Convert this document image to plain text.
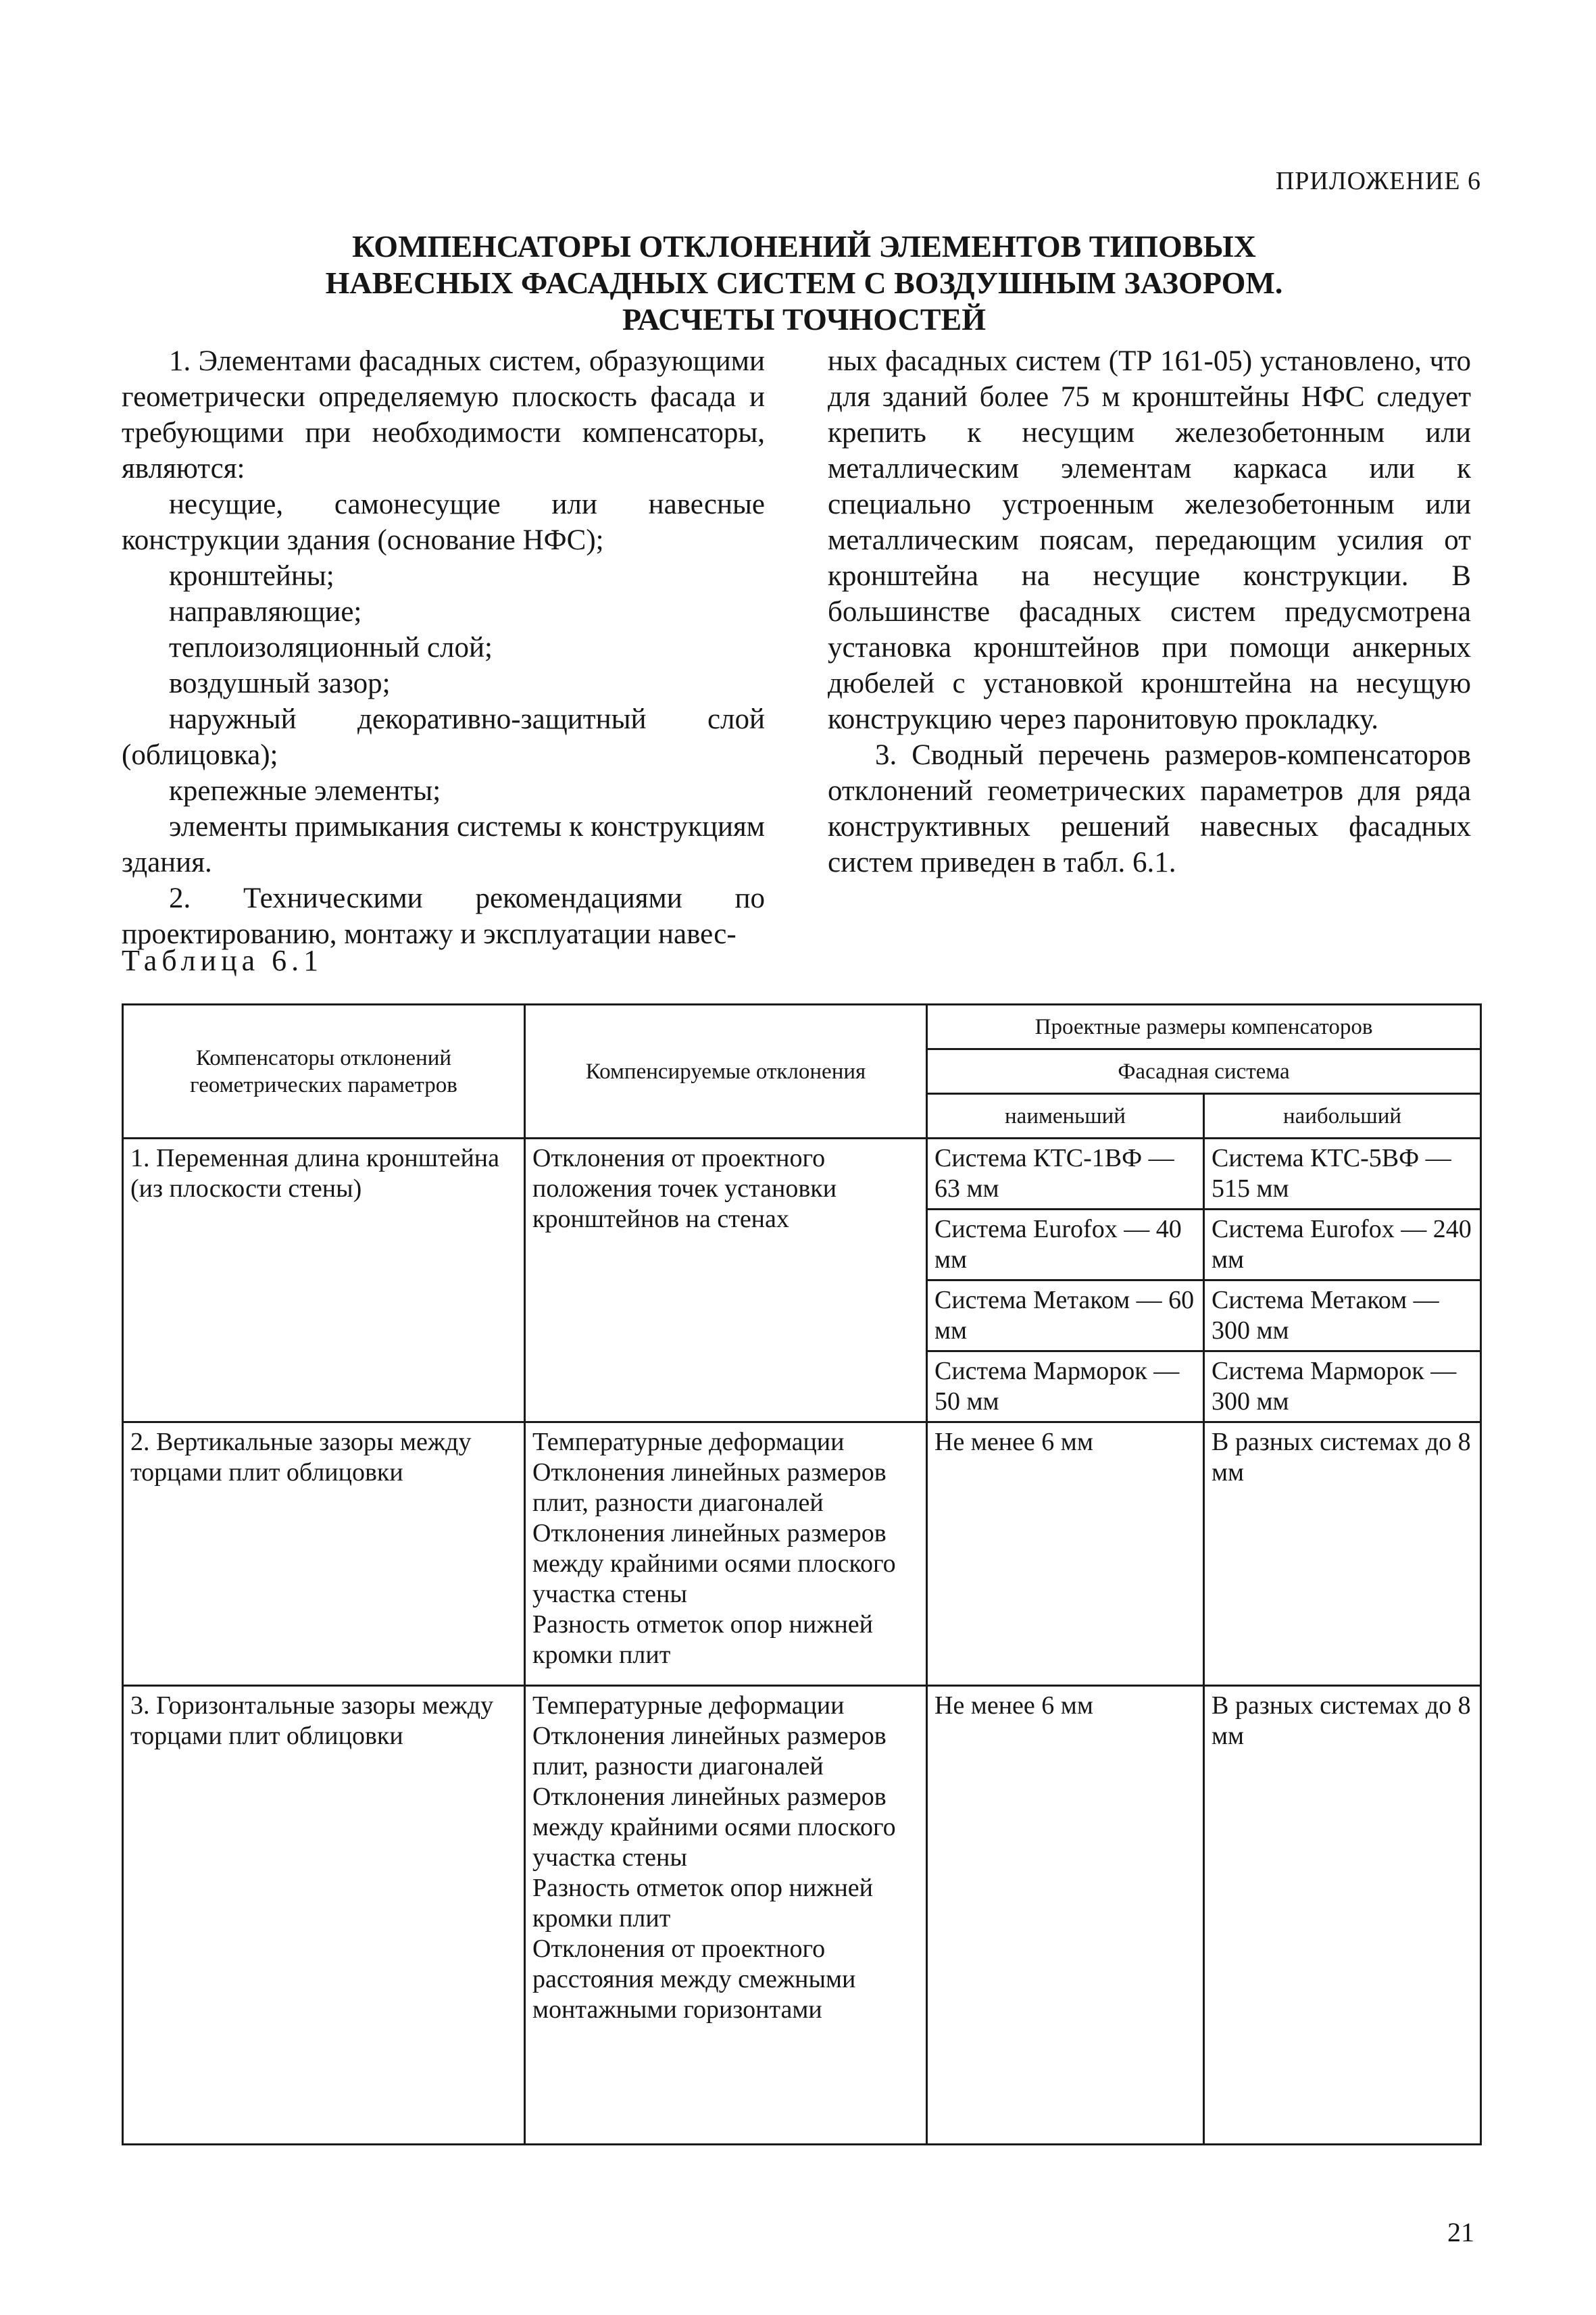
ПРИЛОЖЕНИЕ 6
КОМПЕНСАТОРЫ ОТКЛОНЕНИЙ ЭЛЕМЕНТОВ ТИПОВЫХ
НАВЕСНЫХ ФАСАДНЫХ СИСТЕМ С ВОЗДУШНЫМ ЗАЗОРОМ.
РАСЧЕТЫ ТОЧНОСТЕЙ

1. Элементами фасадных систем, образующими геометрически определяемую плоскость фасада и требующими при необходимости компенсаторы, являются:

несущие, самонесущие или навесные конструкции здания (основание НФС);

кронштейны;

направляющие;

теплоизоляционный слой;

воздушный зазор;

наружный декоративно-защитный слой (облицовка);

крепежные элементы;

элементы примыкания системы к конструкциям здания.

2. Техническими рекомендациями по проектированию, монтажу и эксплуатации навес-

ных фасадных систем (ТР 161-05) установлено, что для зданий более 75 м кронштейны НФС следует крепить к несущим железобетонным или металлическим элементам каркаса или к специально устроенным железобетонным или металлическим поясам, передающим усилия от кронштейна на несущие конструкции. В большинстве фасадных систем предусмотрена установка кронштейнов при помощи анкерных дюбелей с установкой кронштейна на несущую конструкцию через паронитовую прокладку.

3. Сводный перечень размеров-компенсаторов отклонений геометрических параметров для ряда конструктивных решений навесных фасадных систем приведен в табл. 6.1.

Таблица 6.1
Компенсаторы отклонений геометрических параметров	Компенсируемые отклонения	Проектные размеры компенсаторов	
		Фасадная система	
		наименьший	наибольший
1. Переменная длина кронштейна (из плоскости стены)	Отклонения от проектного положения точек установки кронштейнов на стенах	Система КТС-1ВФ — 63 мм	Система КТС-5ВФ — 515 мм
		Система Eurofox — 40 мм	Система Eurofox — 240 мм
		Система Метаком — 60 мм	Система Метаком — 300 мм
		Система Марморок — 50 мм	Система Марморок — 300 мм
2. Вертикальные зазоры между торцами плит облицовки	Температурные деформации
Отклонения линейных размеров плит, разности диагоналей
Отклонения линейных размеров между крайними осями плоского участка стены
Разность отметок опор нижней кромки плит	Не менее 6 мм	В разных системах до 8 мм
3. Горизонтальные зазоры между торцами плит облицовки	Температурные деформации
Отклонения линейных размеров плит, разности диагоналей
Отклонения линейных размеров между крайними осями плоского участка стены
Разность отметок опор нижней кромки плит
Отклонения от проектного расстояния между смежными монтажными горизонтами	Не менее 6 мм	В разных системах до 8 мм
21
